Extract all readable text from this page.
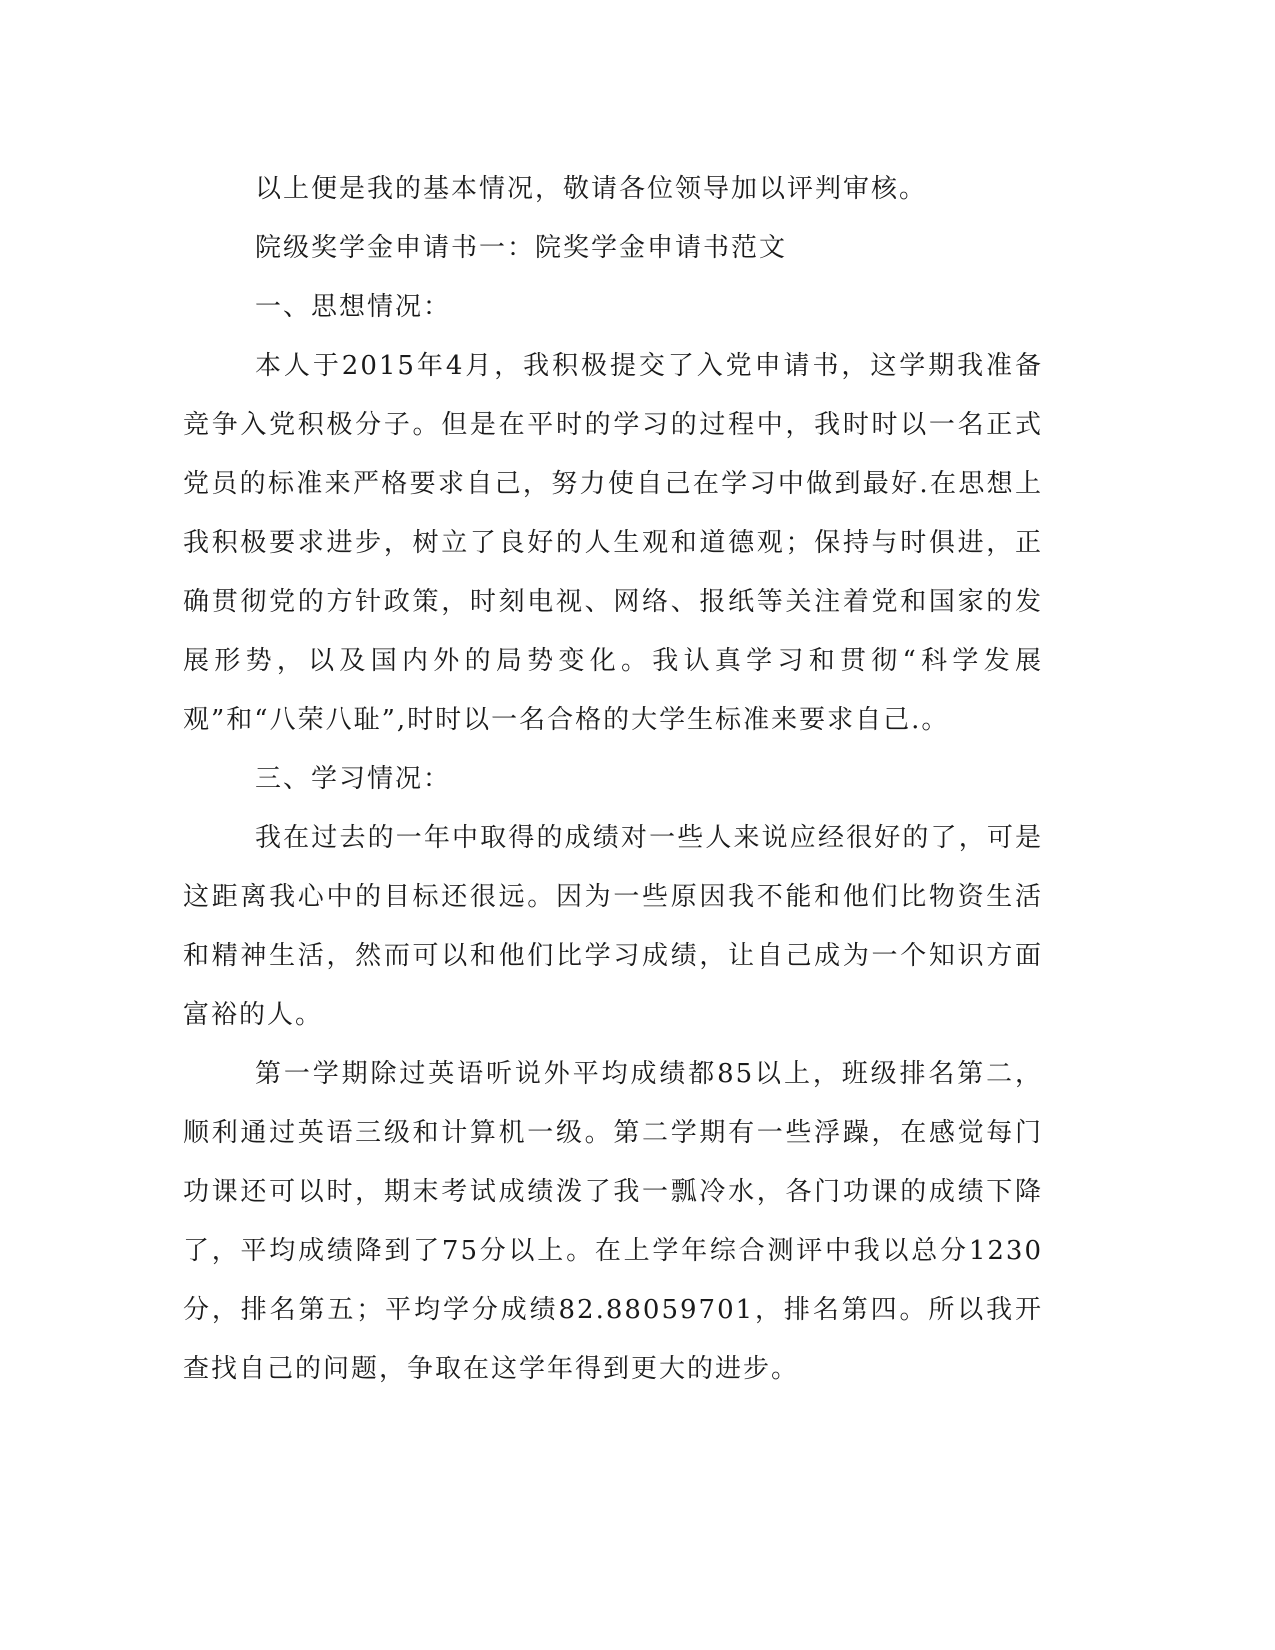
以上便是我的基本情况，敬请各位领导加以评判审核。

院级奖学金申请书一：院奖学金申请书范文

一、思想情况：

本人于2015年4月，我积极提交了入党申请书，这学期我准备竞争入党积极分子。但是在平时的学习的过程中，我时时以一名正式党员的标准来严格要求自己，努力使自己在学习中做到最好.在思想上我积极要求进步，树立了良好的人生观和道德观；保持与时俱进，正确贯彻党的方针政策，时刻电视、网络、报纸等关注着党和国家的发展形势，以及国内外的局势变化。我认真学习和贯彻“科学发展观”和“八荣八耻”,时时以一名合格的大学生标准来要求自己.。

三、学习情况：

我在过去的一年中取得的成绩对一些人来说应经很好的了，可是这距离我心中的目标还很远。因为一些原因我不能和他们比物资生活和精神生活，然而可以和他们比学习成绩，让自己成为一个知识方面富裕的人。

第一学期除过英语听说外平均成绩都85以上，班级排名第二，顺利通过英语三级和计算机一级。第二学期有一些浮躁，在感觉每门功课还可以时，期末考试成绩泼了我一瓢冷水，各门功课的成绩下降了，平均成绩降到了75分以上。在上学年综合测评中我以总分1230分，排名第五；平均学分成绩82.88059701，排名第四。所以我开查找自己的问题，争取在这学年得到更大的进步。
